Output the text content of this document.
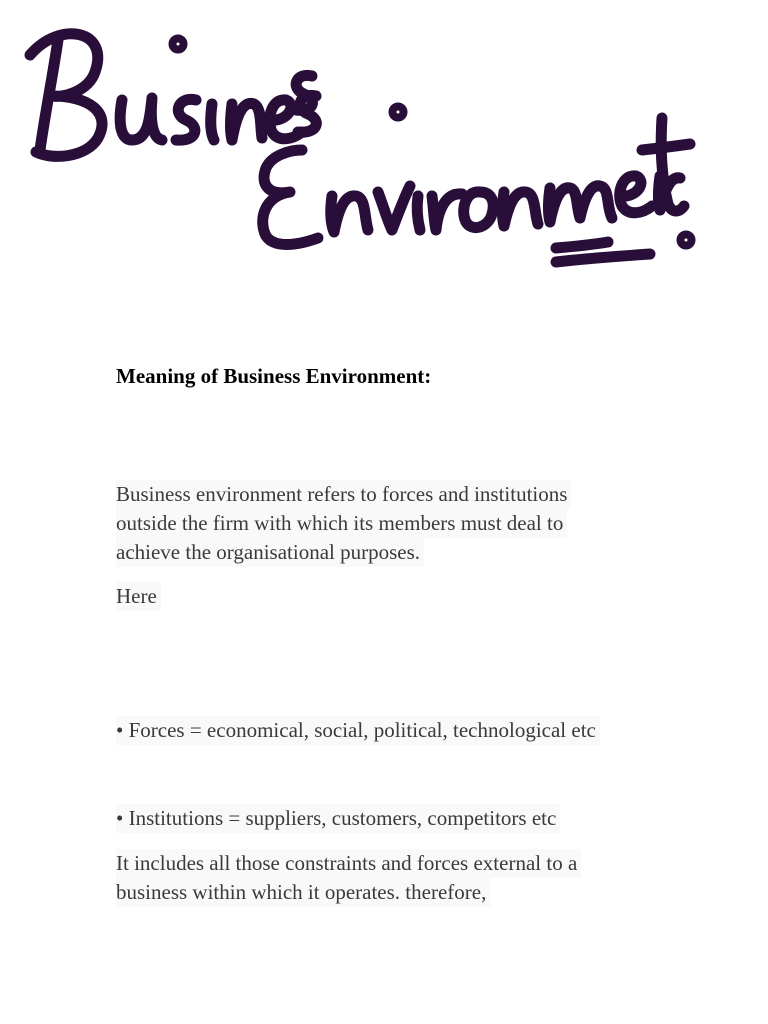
Meaning of Business Environment:
Business environment refers to forces and institutions
outside the firm with which its members must deal to
achieve the organisational purposes.
Here
• Forces = economical, social, political, technological etc
• Institutions = suppliers, customers, competitors etc
It includes all those constraints and forces external to a
business within which it operates. therefore,
